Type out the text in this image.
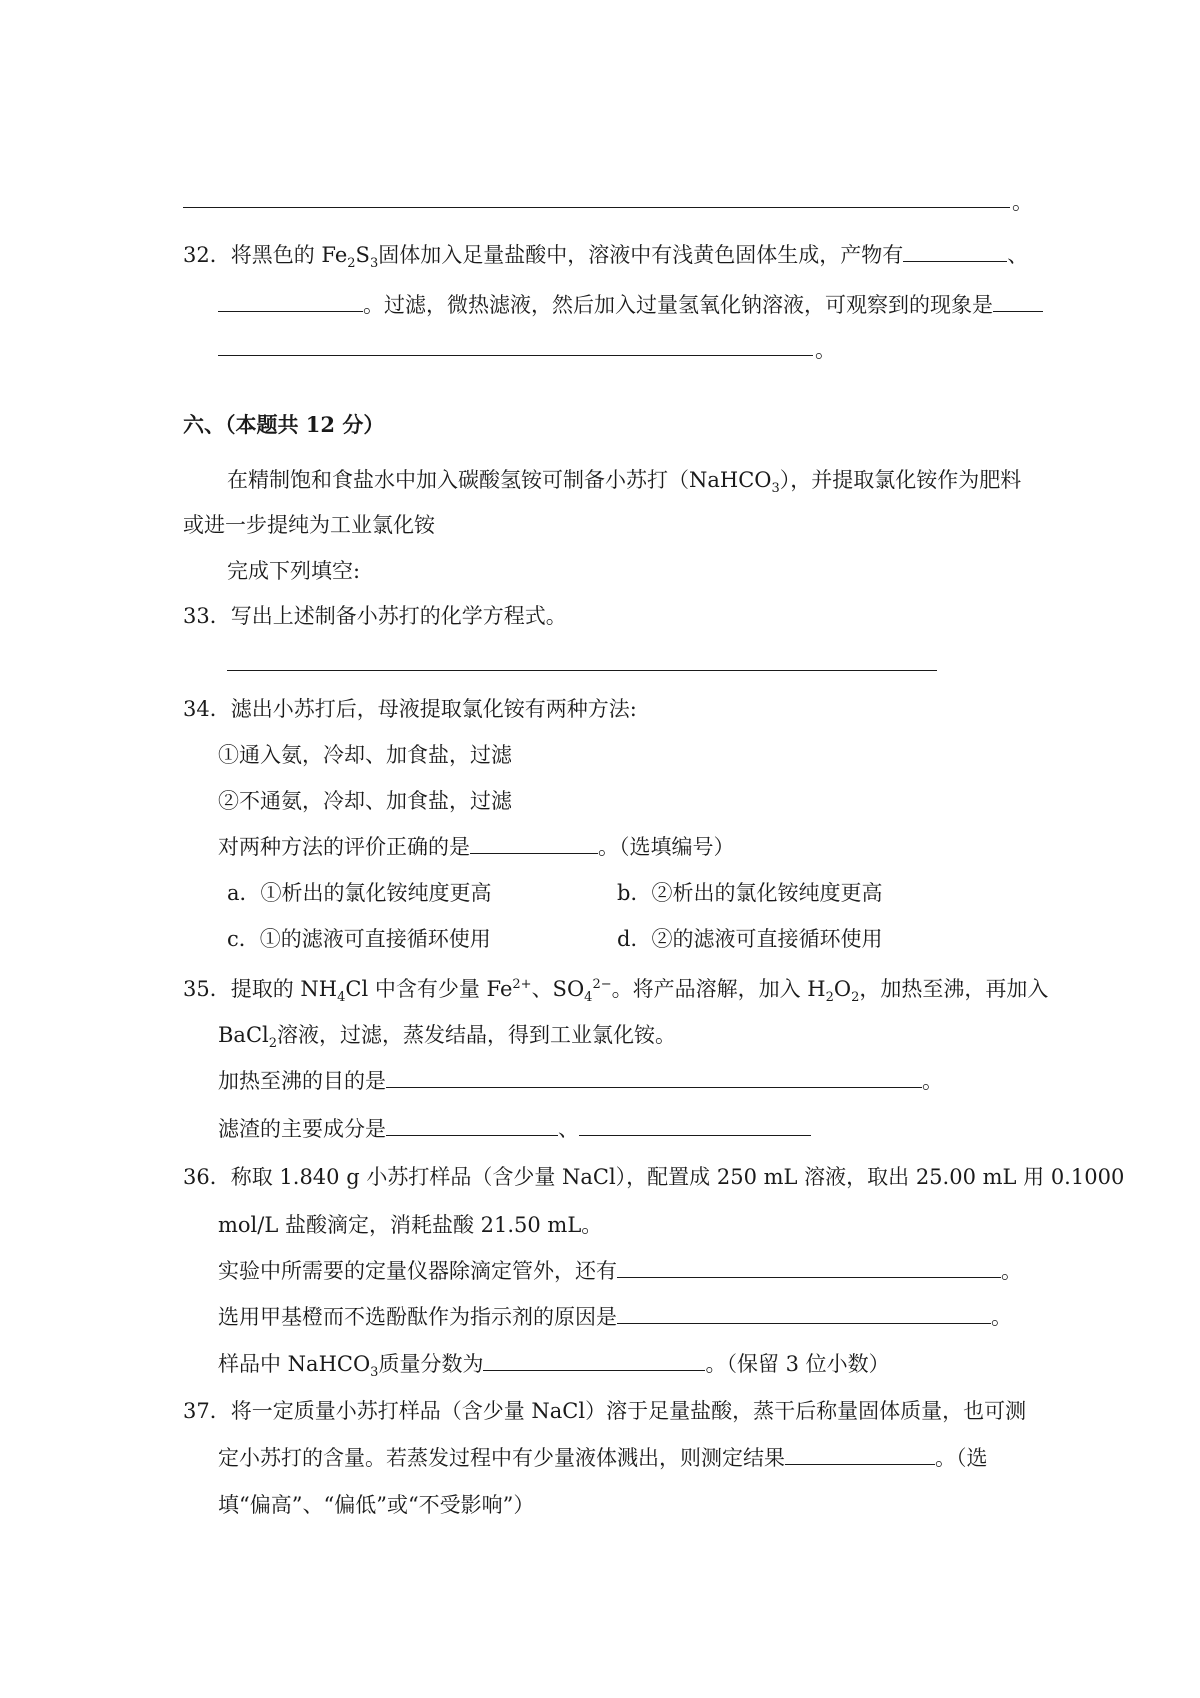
。
32．将黑色的 $Fe_2S_3$固体加入足量盐酸中，溶液中有浅黄色固体生成，产物有	、
。过滤，微热滤液，然后加入过量氢氧化钠溶液，可观察到的现象是
。
六、（本题共 12 分）
在精制饱和食盐水中加入碳酸氢铵可制备小苏打（NaHCO$_3$），并提取氯化铵作为肥料
或进一步提纯为工业氯化铵
完成下列填空:
33．写出上述制备小苏打的化学方程式。
34．滤出小苏打后，母液提取氯化铵有两种方法:
①通入氨，冷却、加食盐，过滤
②不通氨，冷却、加食盐，过滤
对两种方法的评价正确的是	。（选填编号）
a．①析出的氯化铵纯度更高	b．②析出的氯化铵纯度更高
c．①的滤液可直接循环使用	d．②的滤液可直接循环使用
35．提取的 $NH_4Cl$ 中含有少量 $Fe^{2+}$、$SO_4^{2-}$。将产品溶解，加入 $H_2O_2$，加热至沸，再加入
BaCl$_2$溶液，过滤，蒸发结晶，得到工业氯化铵。
加热至沸的目的是	。
滤渣的主要成分是	、
36．称取 1.840 g 小苏打样品（含少量 NaCl），配置成 250 mL 溶液，取出 25.00 mL 用 0.1000
mol/L 盐酸滴定，消耗盐酸 21.50 mL。
实验中所需要的定量仪器除滴定管外，还有	。
选用甲基橙而不选酚酞作为指示剂的原因是	。
样品中 NaHCO$_3$质量分数为	。（保留 3 位小数）
37．将一定质量小苏打样品（含少量 NaCl）溶于足量盐酸，蒸干后称量固体质量，也可测
定小苏打的含量。若蒸发过程中有少量液体溅出，则测定结果	。（选
填“偏高”、“偏低”或“不受影响”）
